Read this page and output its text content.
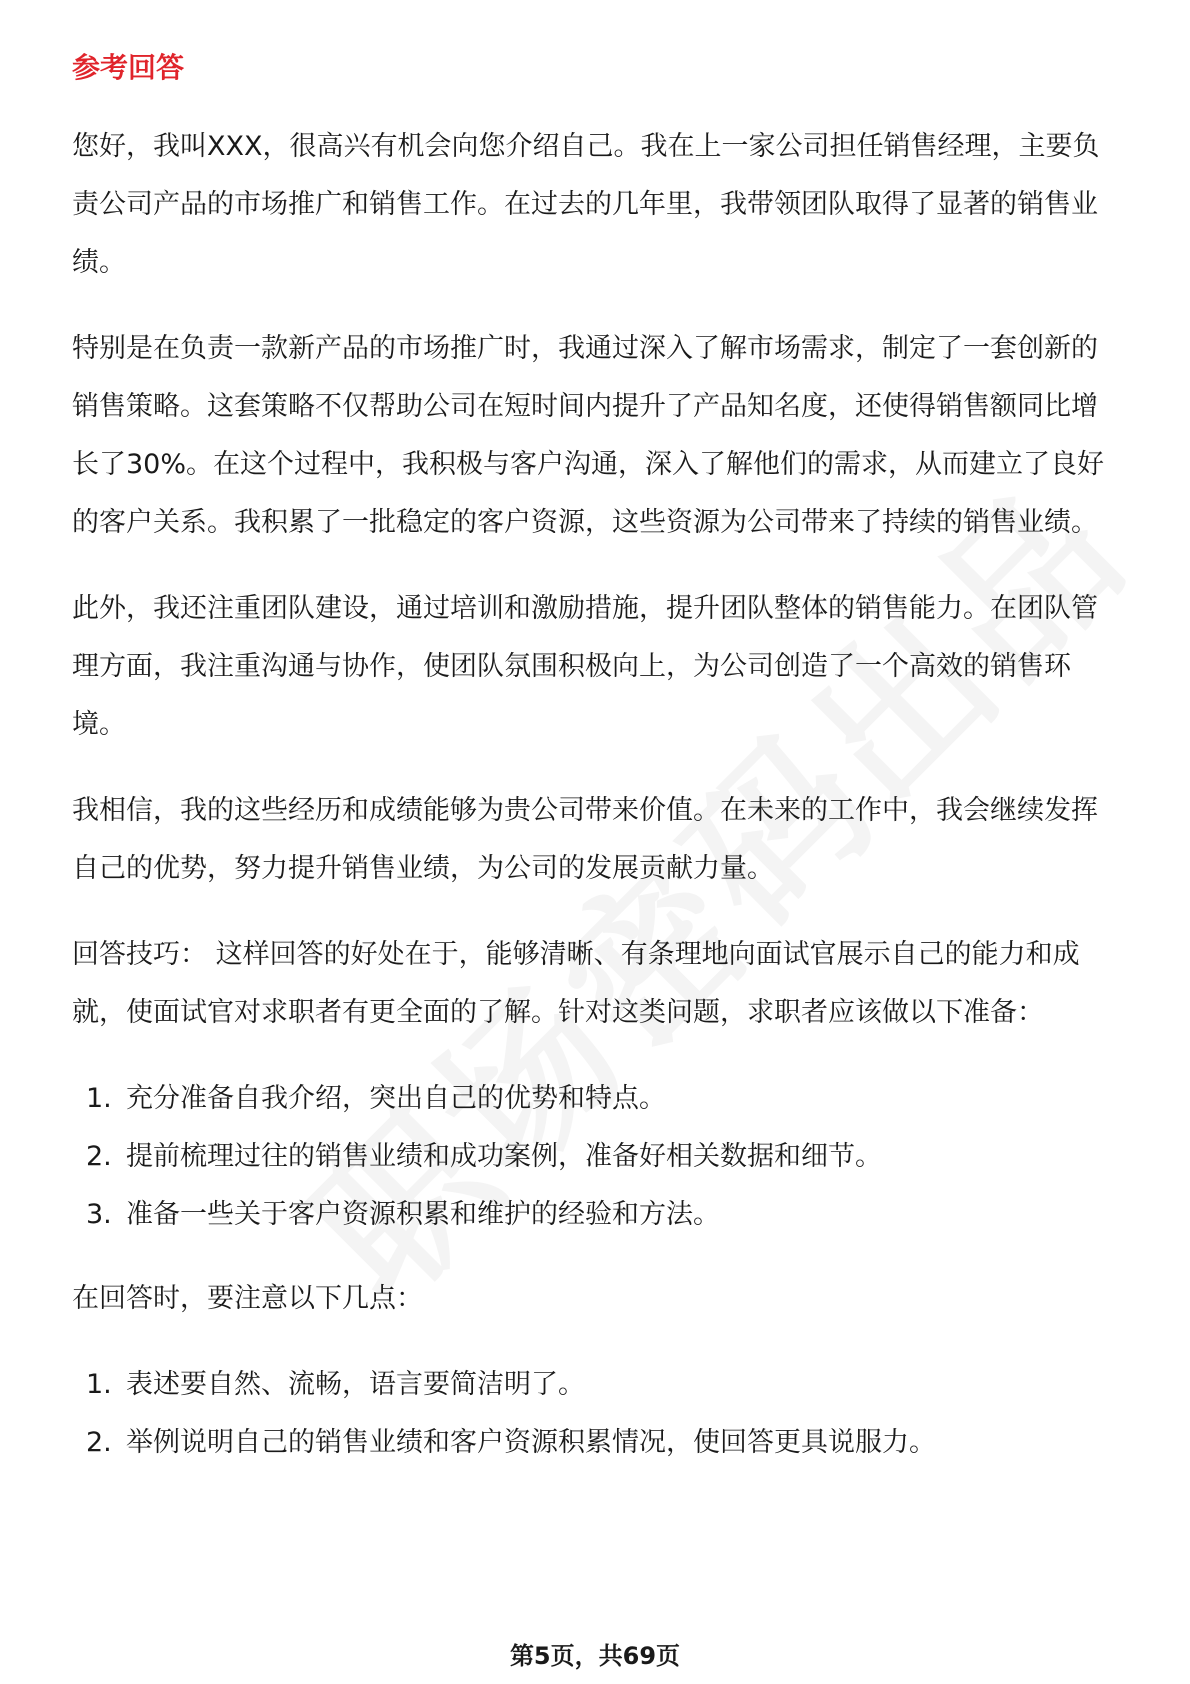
参考回答

您好，我叫XXX，很高兴有机会向您介绍自己。我在上一家公司担任销售经理，主要负责公司产品的市场推广和销售工作。在过去的几年里，我带领团队取得了显著的销售业绩。

特别是在负责一款新产品的市场推广时，我通过深入了解市场需求，制定了一套创新的销售策略。这套策略不仅帮助公司在短时间内提升了产品知名度，还使得销售额同比增长了30%。在这个过程中，我积极与客户沟通，深入了解他们的需求，从而建立了良好的客户关系。我积累了一批稳定的客户资源，这些资源为公司带来了持续的销售业绩。

此外，我还注重团队建设，通过培训和激励措施，提升团队整体的销售能力。在团队管理方面，我注重沟通与协作，使团队氛围积极向上，为公司创造了一个高效的销售环境。

我相信，我的这些经历和成绩能够为贵公司带来价值。在未来的工作中，我会继续发挥自己的优势，努力提升销售业绩，为公司的发展贡献力量。

回答技巧： 这样回答的好处在于，能够清晰、有条理地向面试官展示自己的能力和成就，使面试官对求职者有更全面的了解。针对这类问题，求职者应该做以下准备：

1. 充分准备自我介绍，突出自己的优势和特点。
2. 提前梳理过往的销售业绩和成功案例，准备好相关数据和细节。
3. 准备一些关于客户资源积累和维护的经验和方法。

在回答时，要注意以下几点：

1. 表述要自然、流畅，语言要简洁明了。
2. 举例说明自己的销售业绩和客户资源积累情况，使回答更具说服力。
第5页，共69页
